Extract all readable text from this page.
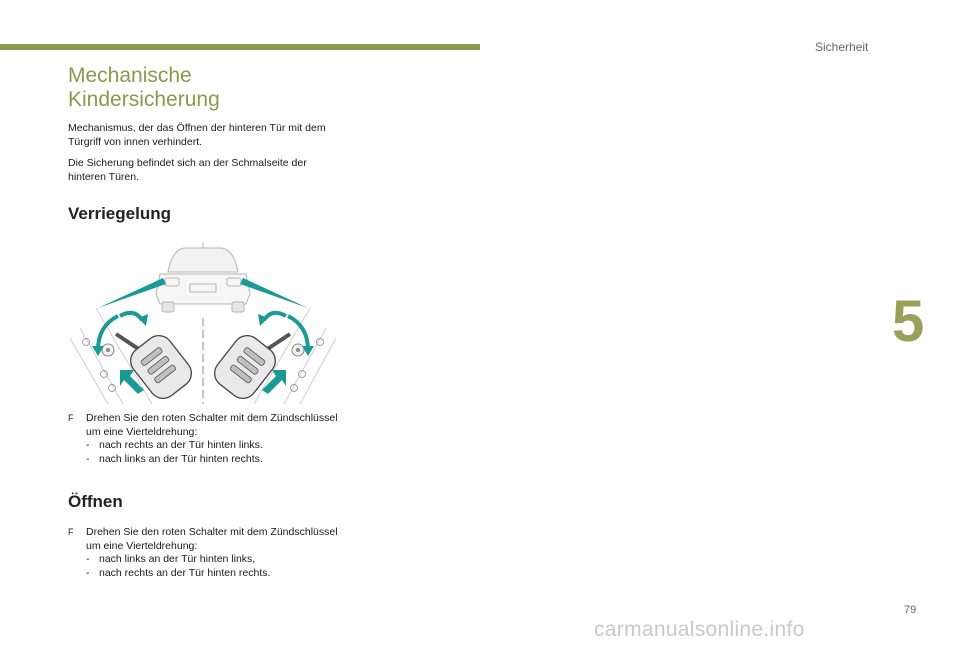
Sicherheit
5
79
carmanualsonline.info
Mechanische
Kindersicherung

Mechanismus, der das Öffnen der hinteren Tür mit dem Türgriff von innen verhindert.

Die Sicherung befindet sich an der Schmalseite der hinteren Türen.

Verriegelung
F	Drehen Sie den roten Schalter mit dem Zündschlüssel um eine Vierteldrehung:
- nach rechts an der Tür hinten links.
- nach links an der Tür hinten rechts.
Öffnen
F	Drehen Sie den roten Schalter mit dem Zündschlüssel um eine Vierteldrehung:
- nach links an der Tür hinten links,
- nach rechts an der Tür hinten rechts.
